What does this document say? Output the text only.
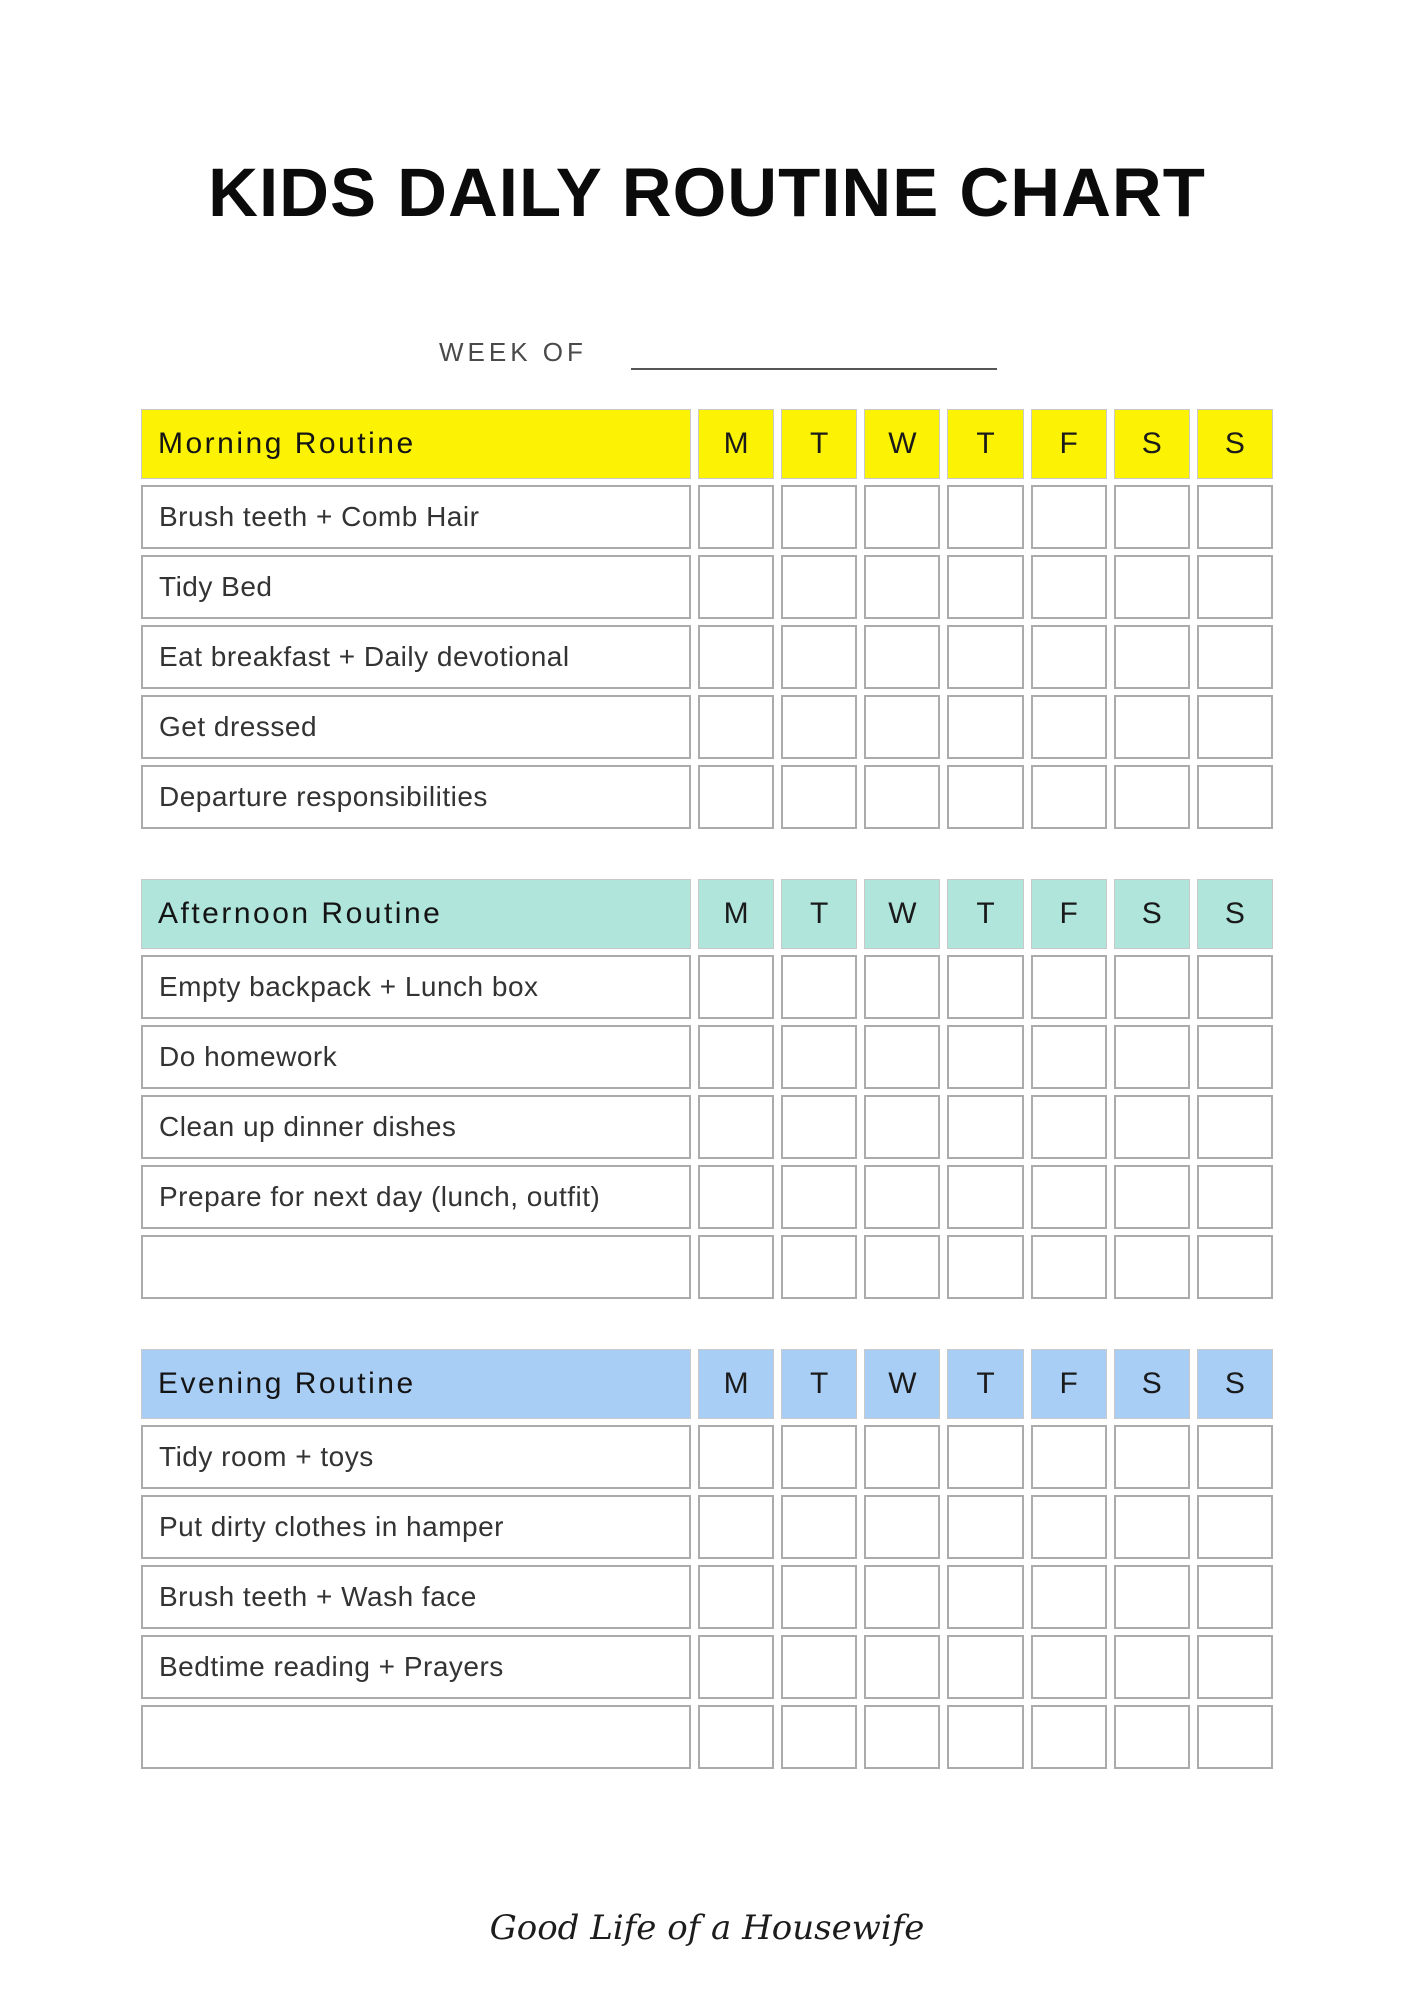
KIDS DAILY ROUTINE CHART
WEEK OF
Morning Routine	M	T	W	T	F	S	S
Brush teeth + Comb Hair
Tidy Bed
Eat breakfast + Daily devotional
Get dressed
Departure responsibilities
Afternoon Routine	M	T	W	T	F	S	S
Empty backpack + Lunch box
Do homework
Clean up dinner dishes
Prepare for next day (lunch, outfit)
Evening Routine	M	T	W	T	F	S	S
Tidy room + toys
Put dirty clothes in hamper
Brush teeth + Wash face
Bedtime reading + Prayers
Good Life of a Housewife
